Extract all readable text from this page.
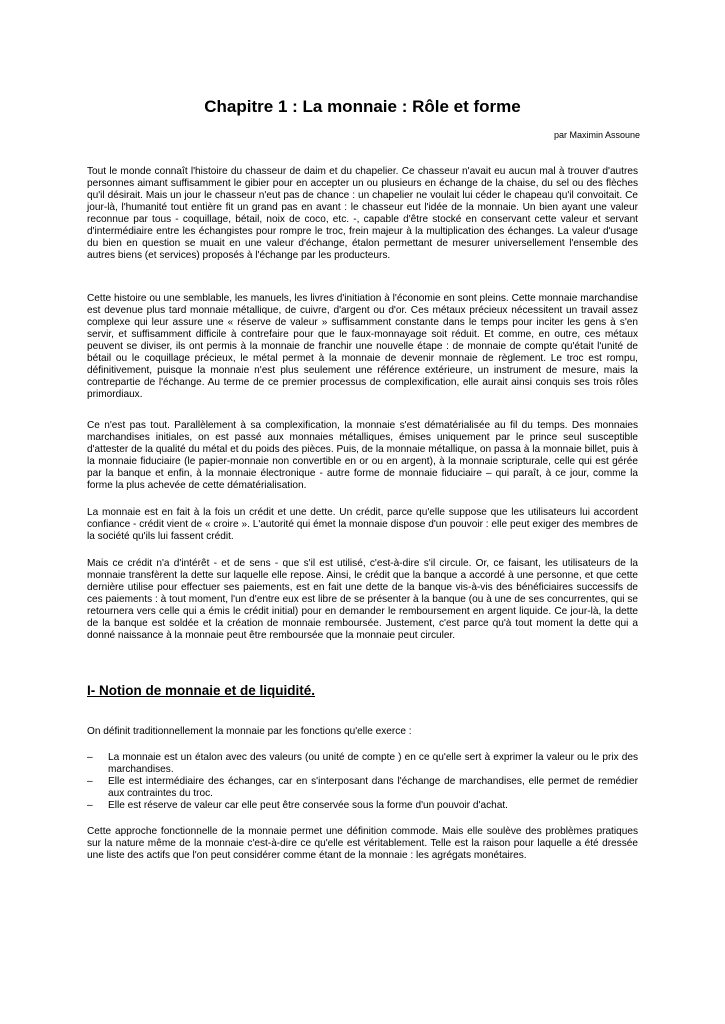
Chapitre 1 : La monnaie : Rôle et forme

par Maximin Assoune

Tout le monde connaît l'histoire du chasseur de daim et du chapelier. Ce chasseur n'avait eu aucun mal à trouver d'autres personnes aimant suffisamment le gibier pour en accepter un ou plusieurs en échange de la chaise, du sel ou des flèches qu'il désirait. Mais un jour le chasseur n'eut pas de chance : un chapelier ne voulait lui céder le chapeau qu'il convoitait. Ce jour-là, l'humanité tout entière fit un grand pas en avant : le chasseur eut l'idée de la monnaie. Un bien ayant une valeur reconnue par tous - coquillage, bétail, noix de coco, etc. -, capable d'être stocké en conservant cette valeur et servant d'intermédiaire entre les échangistes pour rompre le troc, frein majeur à la multiplication des échanges. La valeur d'usage du bien en question se muait en une valeur d'échange, étalon permettant de mesurer universellement l'ensemble des autres biens (et services) proposés à l'échange par les producteurs.

Cette histoire ou une semblable, les manuels, les livres d'initiation à l'économie en sont pleins. Cette monnaie marchandise est devenue plus tard monnaie métallique, de cuivre, d'argent ou d'or. Ces métaux précieux nécessitent un travail assez complexe qui leur assure une « réserve de valeur » suffisamment constante dans le temps pour inciter les gens à s'en servir, et suffisamment difficile à contrefaire pour que le faux-monnayage soit réduit. Et comme, en outre, ces métaux peuvent se diviser, ils ont permis à la monnaie de franchir une nouvelle étape : de monnaie de compte qu'était l'unité de bétail ou le coquillage précieux, le métal permet à la monnaie de devenir monnaie de règlement. Le troc est rompu, définitivement, puisque la monnaie n'est plus seulement une référence extérieure, un instrument de mesure, mais la contrepartie de l'échange. Au terme de ce premier processus de complexification, elle aurait ainsi conquis ses trois rôles primordiaux.

Ce n'est pas tout. Parallèlement à sa complexification, la monnaie s'est dématérialisée au fil du temps. Des monnaies marchandises initiales, on est passé aux monnaies métalliques, émises uniquement par le prince seul susceptible d'attester de la qualité du métal et du poids des pièces. Puis, de la monnaie métallique, on passa à la monnaie billet, puis à la monnaie fiduciaire (le papier-monnaie non convertible en or ou en argent), à la monnaie scripturale, celle qui est gérée par la banque et enfin, à la monnaie électronique - autre forme de monnaie fiduciaire – qui paraît, à ce jour, comme la forme la plus achevée de cette dématérialisation.

La monnaie est en fait à la fois un crédit et une dette. Un crédit, parce qu'elle suppose que les utilisateurs lui accordent confiance - crédit vient de « croire ». L'autorité qui émet la monnaie dispose d'un pouvoir : elle peut exiger des membres de la société qu'ils lui fassent crédit.

Mais ce crédit n'a d'intérêt - et de sens - que s'il est utilisé, c'est-à-dire s'il circule. Or, ce faisant, les utilisateurs de la monnaie transfèrent la dette sur laquelle elle repose. Ainsi, le crédit que la banque a accordé à une personne, et que cette dernière utilise pour effectuer ses paiements, est en fait une dette de la banque vis-à-vis des bénéficiaires successifs de ces paiements : à tout moment, l'un d'entre eux est libre de se présenter à la banque (ou à une de ses concurrentes, qui se retournera vers celle qui a émis le crédit initial) pour en demander le remboursement en argent liquide. Ce jour-là, la dette de la banque est soldée et la création de monnaie remboursée. Justement, c'est parce qu'à tout moment la dette qui a donné naissance à la monnaie peut être remboursée que la monnaie peut circuler.

I- Notion de monnaie et de liquidité.

On définit traditionnellement la monnaie par les fonctions qu'elle exerce :

– La monnaie est un étalon avec des valeurs (ou unité de compte ) en ce qu'elle sert à exprimer la valeur ou le prix des marchandises.
– Elle est intermédiaire des échanges, car en s'interposant dans l'échange de marchandises, elle permet de remédier aux contraintes du troc.
– Elle est réserve de valeur car elle peut être conservée sous la forme d'un pouvoir d'achat.

Cette approche fonctionnelle de la monnaie permet une définition commode. Mais elle soulève des problèmes pratiques sur la nature même de la monnaie c'est-à-dire ce qu'elle est véritablement. Telle est la raison pour laquelle a été dressée une liste des actifs que l'on peut considérer comme étant de la monnaie : les agrégats monétaires.
